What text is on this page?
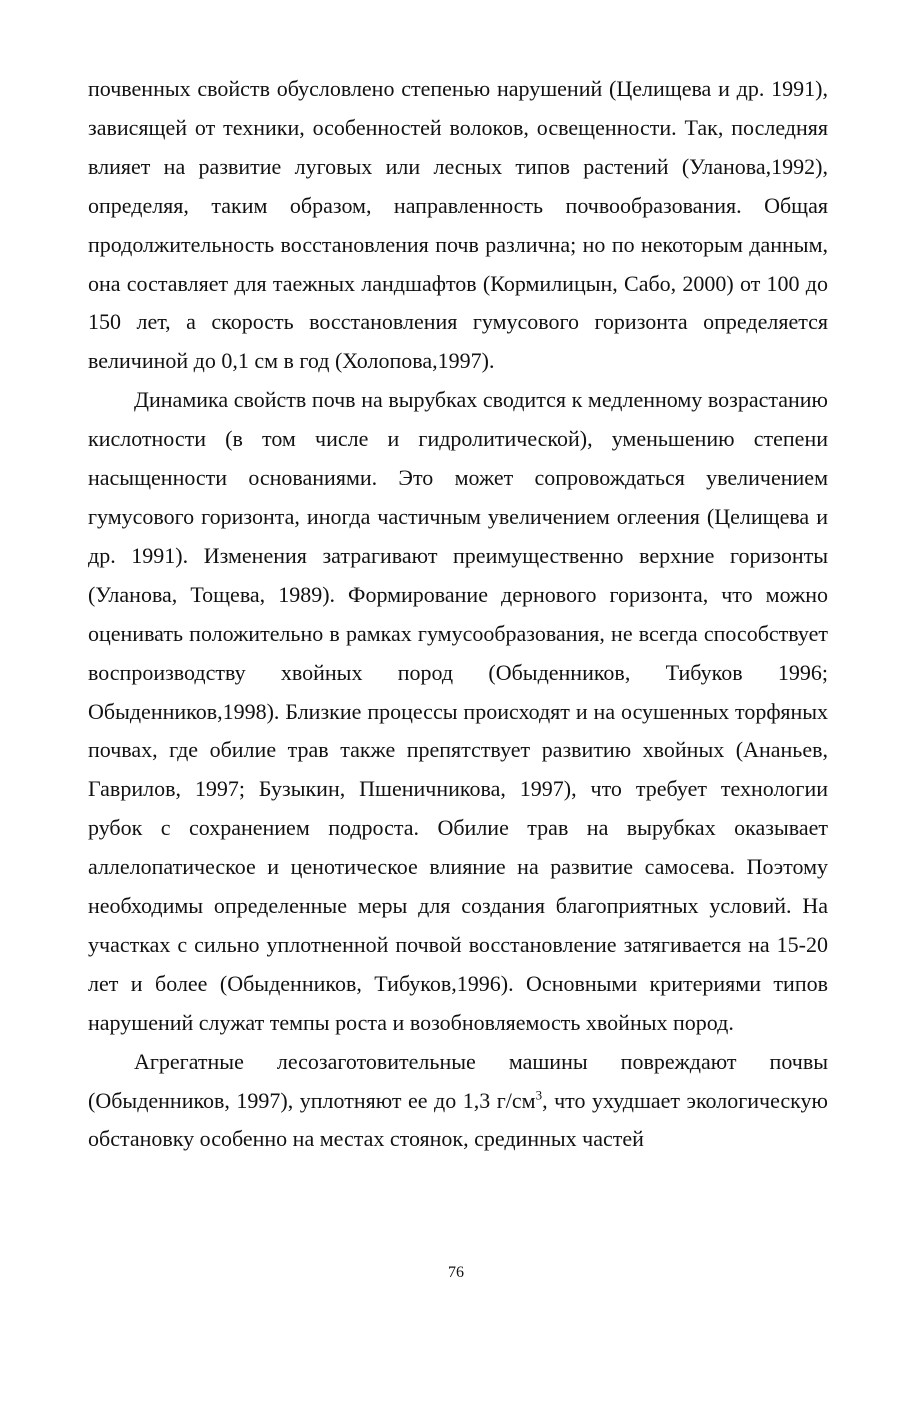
почвенных свойств обусловлено степенью нарушений (Целищева и др. 1991), зависящей от техники, особенностей волоков, освещенности. Так, последняя влияет на развитие луговых или лесных типов растений (Уланова,1992), определяя, таким образом, направленность почвообразования. Общая продолжительность восстановления почв различна; но по некоторым данным, она составляет для таежных ландшафтов (Кормилицын, Сабо, 2000) от 100 до 150 лет, а скорость восстановления гумусового горизонта определяется величиной до 0,1 см в год (Холопова,1997).

Динамика свойств почв на вырубках сводится к медленному возрастанию кислотности (в том числе и гидролитической), уменьшению степени насыщенности основаниями. Это может сопровождаться увеличением гумусового горизонта, иногда частичным увеличением оглеения (Целищева и др. 1991). Изменения затрагивают преимущественно верхние горизонты (Уланова, Тощева, 1989). Формирование дернового горизонта, что можно оценивать положительно в рамках гумусообразования, не всегда способствует воспроизводству хвойных пород (Обыденников, Тибуков 1996; Обыденников,1998). Близкие процессы происходят и на осушенных торфяных почвах, где обилие трав также препятствует развитию хвойных (Ананьев, Гаврилов, 1997; Бузыкин, Пшеничникова, 1997), что требует технологии рубок с сохранением подроста. Обилие трав на вырубках оказывает аллелопатическое и ценотическое влияние на развитие самосева. Поэтому необходимы определенные меры для создания благоприятных условий. На участках с сильно уплотненной почвой восстановление затягивается на 15-20 лет и более (Обыденников, Тибуков,1996). Основными критериями типов нарушений служат темпы роста и возобновляемость хвойных пород.

Агрегатные лесозаготовительные машины повреждают почвы (Обыденников, 1997), уплотняют ее до 1,3 $г/см^3$, что ухудшает экологическую обстановку особенно на местах стоянок, срединных частей

76
